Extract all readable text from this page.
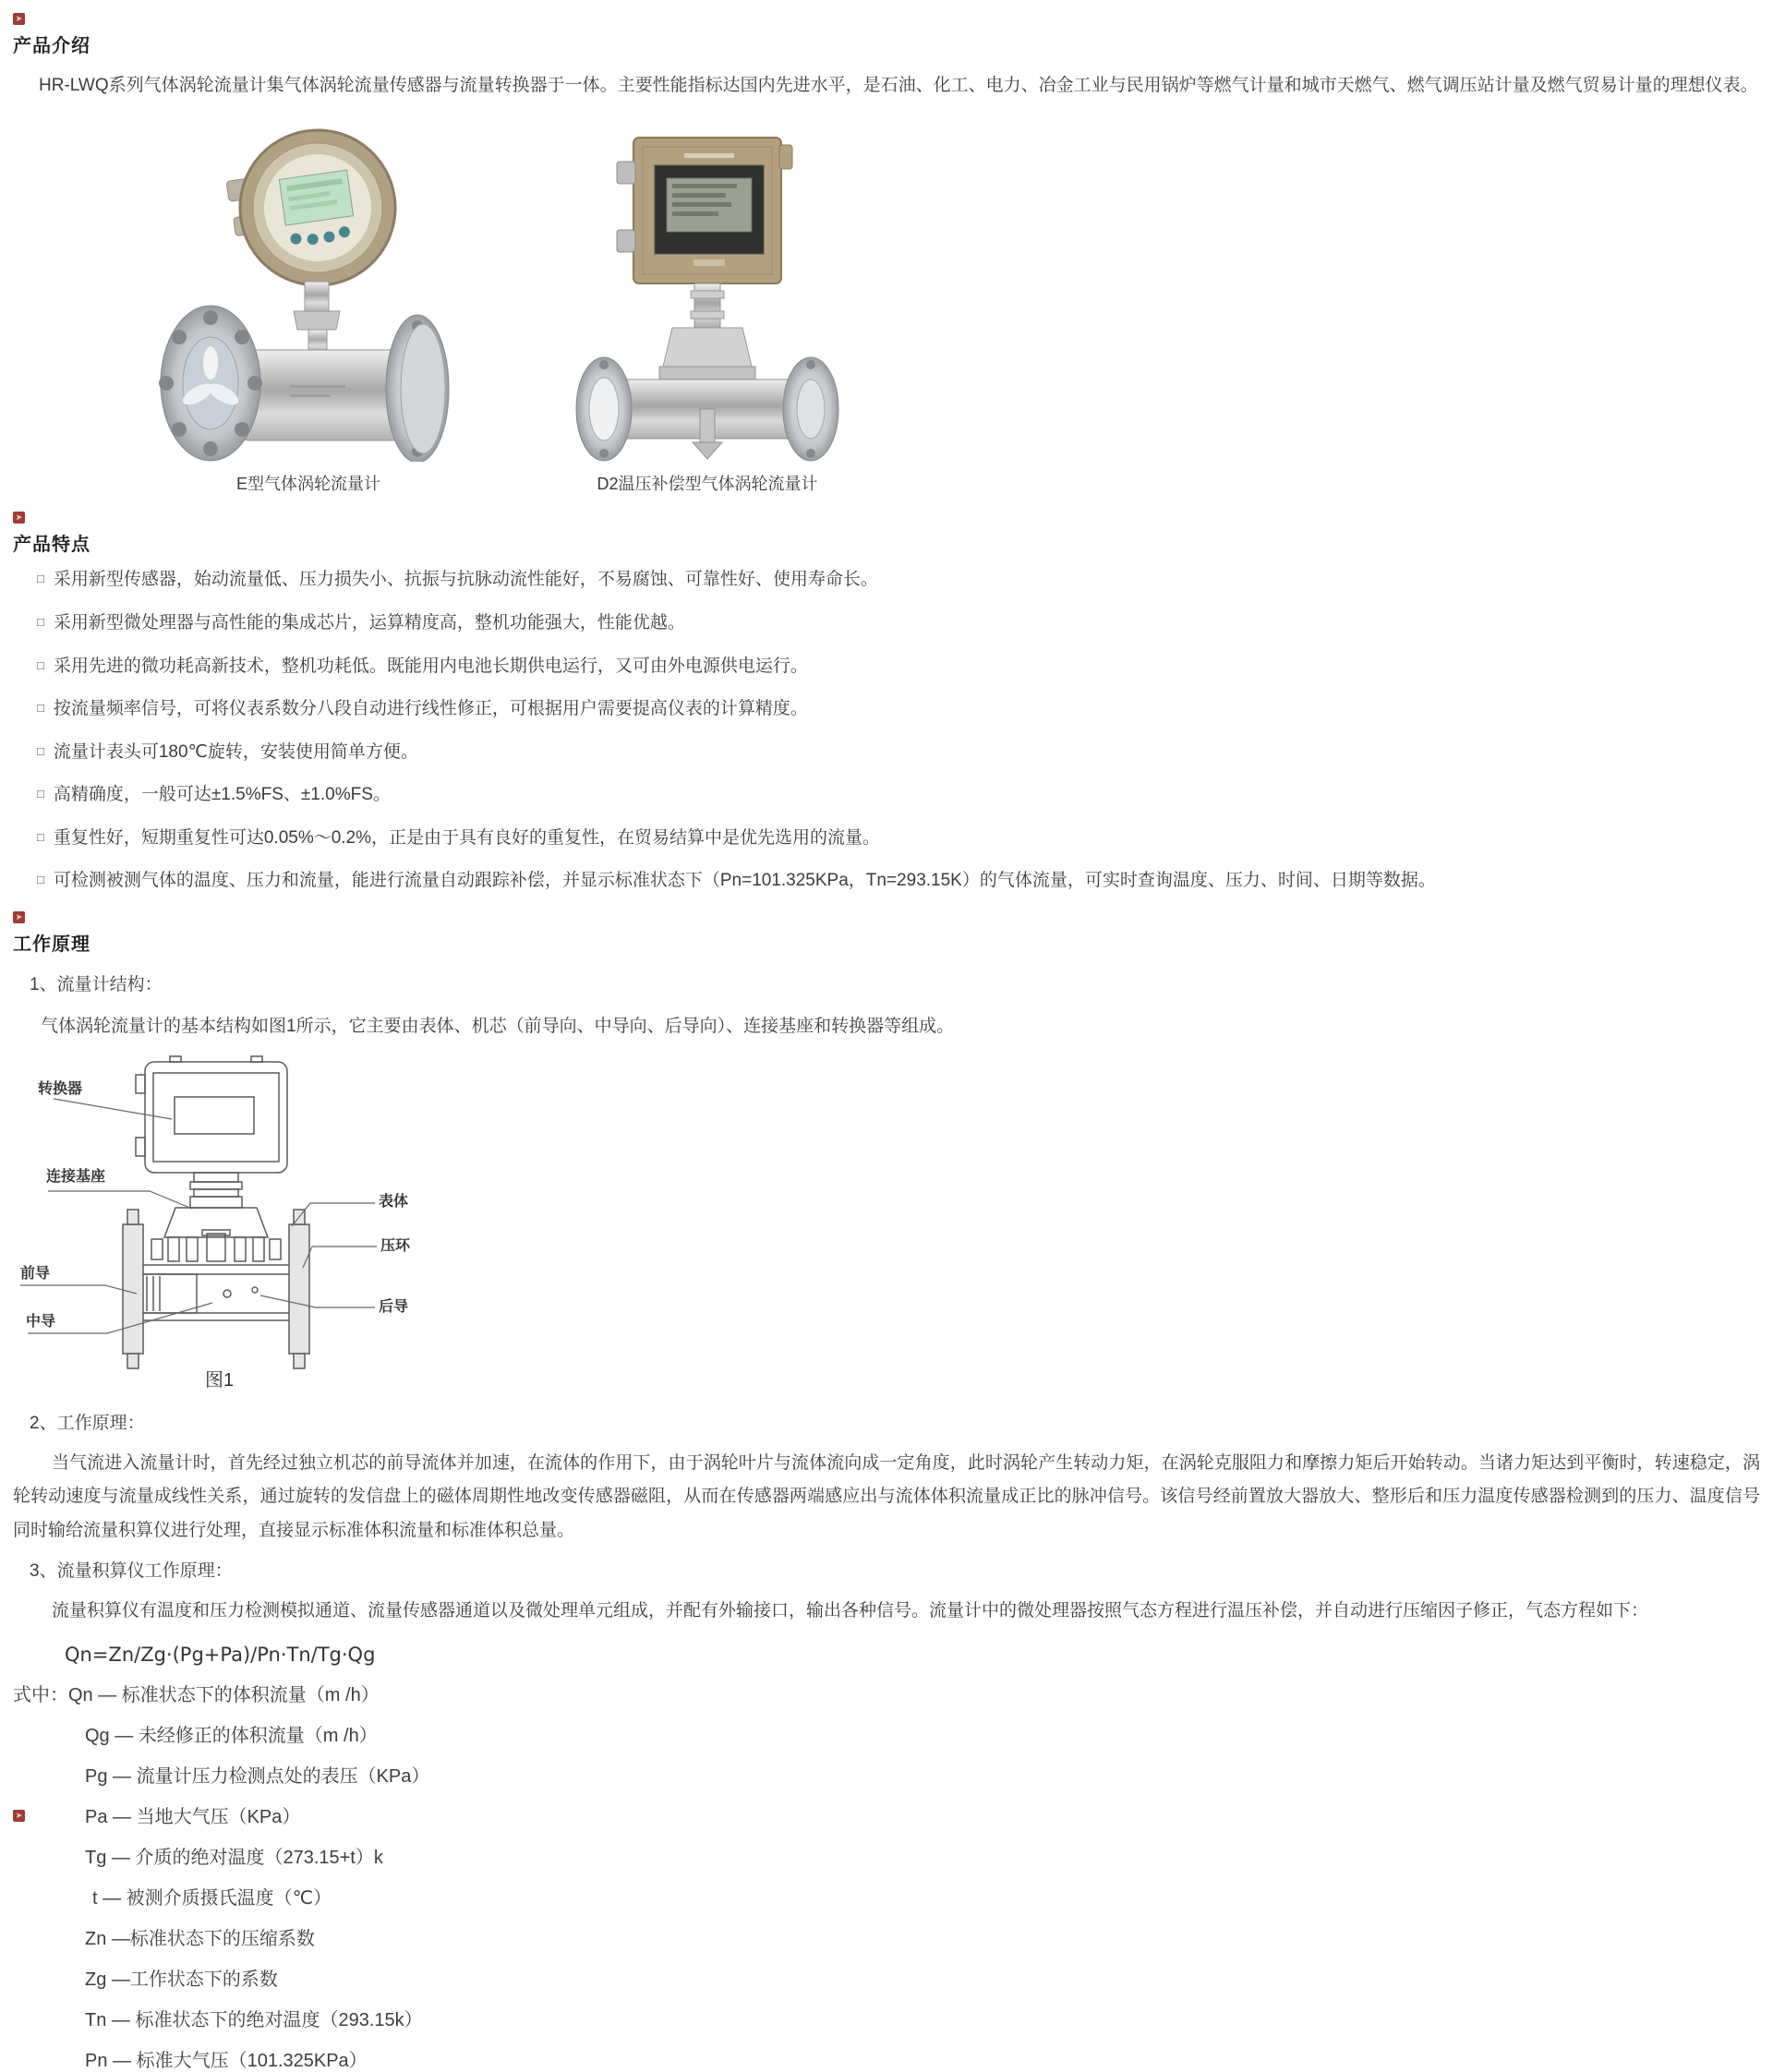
➤
产品介绍

HR-LWQ系列气体涡轮流量计集气体涡轮流量传感器与流量转换器于一体。主要性能指标达国内先进水平，是石油、化工、电力、冶金工业与民用锅炉等燃气计量和城市天燃气、燃气调压站计量及燃气贸易计量的理想仪表。

E型气体涡轮流量计	D2温压补偿型气体涡轮流量计
➤
产品特点
□ 采用新型传感器，始动流量低、压力损失小、抗振与抗脉动流性能好，不易腐蚀、可靠性好、使用寿命长。
□ 采用新型微处理器与高性能的集成芯片，运算精度高，整机功能强大，性能优越。
□ 采用先进的微功耗高新技术，整机功耗低。既能用内电池长期供电运行，又可由外电源供电运行。
□ 按流量频率信号，可将仪表系数分八段自动进行线性修正，可根据用户需要提高仪表的计算精度。
□ 流量计表头可180℃旋转，安装使用简单方便。
□ 高精确度，一般可达±1.5%FS、±1.0%FS。
□ 重复性好，短期重复性可达0.05%～0.2%，正是由于具有良好的重复性，在贸易结算中是优先选用的流量。
□ 可检测被测气体的温度、压力和流量，能进行流量自动跟踪补偿，并显示标准状态下（Pn=101.325KPa，Tn=293.15K）的气体流量，可实时查询温度、压力、时间、日期等数据。
➤
工作原理
1、流量计结构：
气体涡轮流量计的基本结构如图1所示，它主要由表体、机芯（前导向、中导向、后导向）、连接基座和转换器等组成。
转换器
连接基座
表体
压环
前导
中导
后导
图1
2、工作原理：

当气流进入流量计时，首先经过独立机芯的前导流体并加速，在流体的作用下，由于涡轮叶片与流体流向成一定角度，此时涡轮产生转动力矩，在涡轮克服阻力和摩擦力矩后开始转动。当诸力矩达到平衡时，转速稳定，涡轮转动速度与流量成线性关系，通过旋转的发信盘上的磁体周期性地改变传感器磁阻，从而在传感器两端感应出与流体体积流量成正比的脉冲信号。该信号经前置放大器放大、整形后和压力温度传感器检测到的压力、温度信号同时输给流量积算仪进行处理，直接显示标准体积流量和标准体积总量。

3、流量积算仪工作原理：

流量积算仪有温度和压力检测模拟通道、流量传感器通道以及微处理单元组成，并配有外输接口，输出各种信号。流量计中的微处理器按照气态方程进行温压补偿，并自动进行压缩因子修正，气态方程如下：

Qn=Zn/Zg·(Pg+Pa)/Pn·Tn/Tg·Qg
式中：Qn — 标准状态下的体积流量（m /h）
Qg — 未经修正的体积流量（m /h）
Pg — 流量计压力检测点处的表压（KPa）
Pa — 当地大气压（KPa）
Tg — 介质的绝对温度（273.15+t）k
t — 被测介质摄氏温度（℃）
Zn —标准状态下的压缩系数
Zg —工作状态下的系数
Tn — 标准状态下的绝对温度（293.15k）
Pn — 标准大气压（101.325KPa）
➤
